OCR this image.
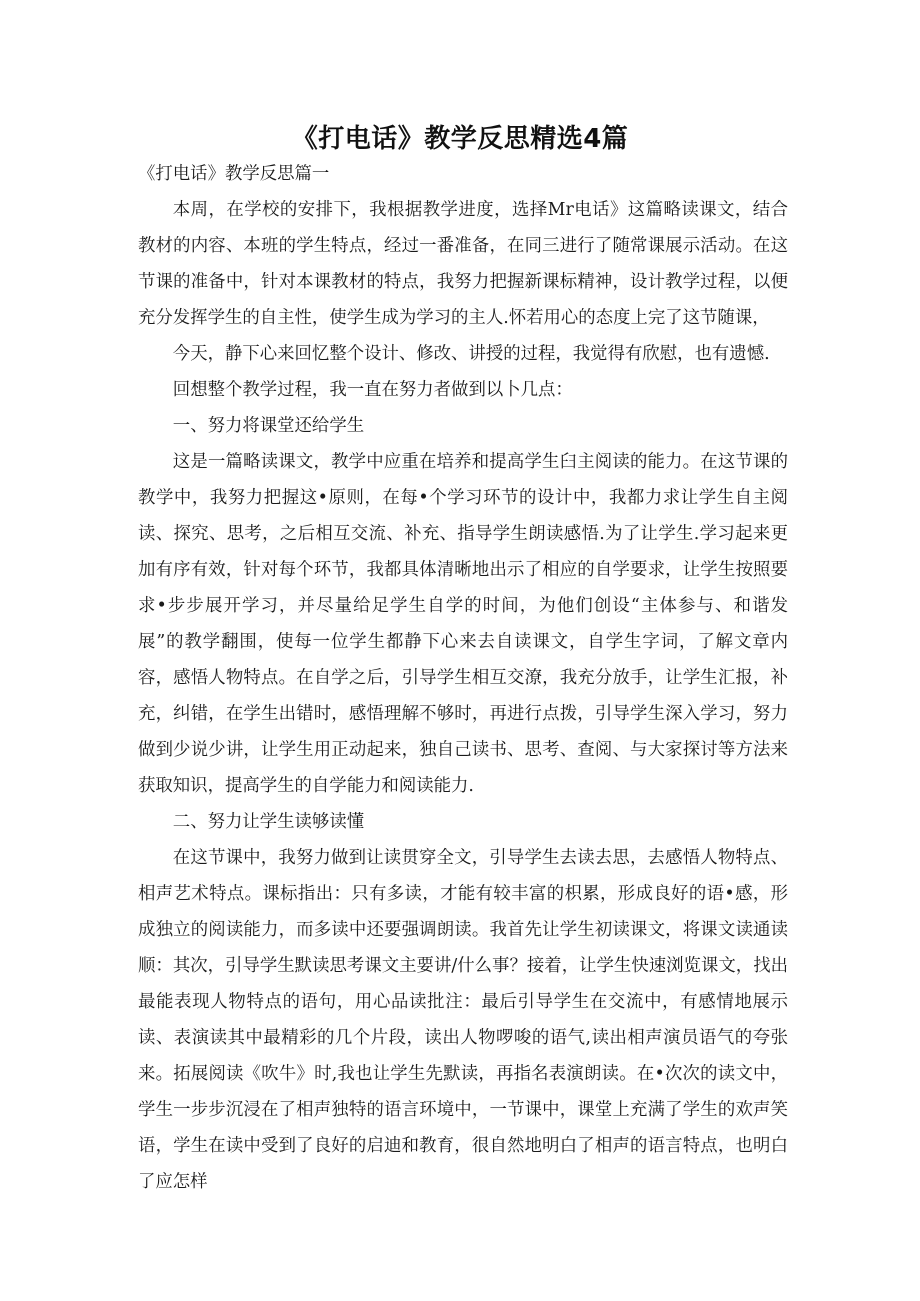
《打电话》教学反思精选4篇

《打电话》教学反思篇一

本周，在学校的安排下，我根据教学进度，选择Mr电话》这篇略读课文，结合教材的内容、本班的学生特点，经过一番准备，在同三进行了随常课展示活动。在这节课的准备中，针对本课教材的特点，我努力把握新课标精神，设计教学过程，以便充分发挥学生的自主性，使学生成为学习的主人.怀若用心的态度上完了这节随课，

今天，静下心来回忆整个设计、修改、讲授的过程，我觉得有欣慰，也有遗憾.

回想整个教学过程，我一直在努力者做到以卜几点：

一、努力将课堂还给学生

这是一篇略读课文，教学中应重在培养和提高学生臼主阅读的能力。在这节课的教学中，我努力把握这•原则，在每•个学习环节的设计中，我都力求让学生自主阅读、探究、思考，之后相互交流、补充、指导学生朗读感悟.为了让学生.学习起来更加有序有效，针对每个环节，我都具体清晰地出示了相应的自学要求，让学生按照要求•步步展开学习，并尽量给足学生自学的时间，为他们创设“主体参与、和谐发展”的教学翻围，使每一位学生都静下心来去自读课文，自学生字词，了解文章内容，感悟人物特点。在自学之后，引导学生相互交潦，我充分放手，让学生汇报，补充，纠错，在学生出错时，感悟理解不够时，再进行点拨，引导学生深入学习，努力做到少说少讲，让学生用正动起来，独自己读书、思考、查阅、与大家探讨等方法来获取知识，提高学生的自学能力和阅读能力.

二、努力让学生读够读懂

在这节课中，我努力做到让读贯穿全文，引导学生去读去思，去感悟人物特点、相声艺术特点。课标指出：只有多读，才能有较丰富的枳累，形成良好的语•感，形成独立的阅读能力，而多读中还要强调朗读。我首先让学生初读课文，将课文读通读顺：其次，引导学生默读思考课文主要讲/什么事？接着，让学生快速浏览课文，找出最能表现人物特点的语句，用心品读批注：最后引导学生在交流中，有感情地展示读、表演读其中最精彩的几个片段，读出人物啰唆的语气,读出相声演员语气的夸张来。拓展阅读《吹牛》时,我也让学生先默读，再指名表演朗读。在•次次的读文中，学生一步步沉浸在了相声独特的语言环境中，一节课中，课堂上充满了学生的欢声笑语，学生在读中受到了良好的启迪和教育，很自然地明白了相声的语言特点，也明白了应怎样
